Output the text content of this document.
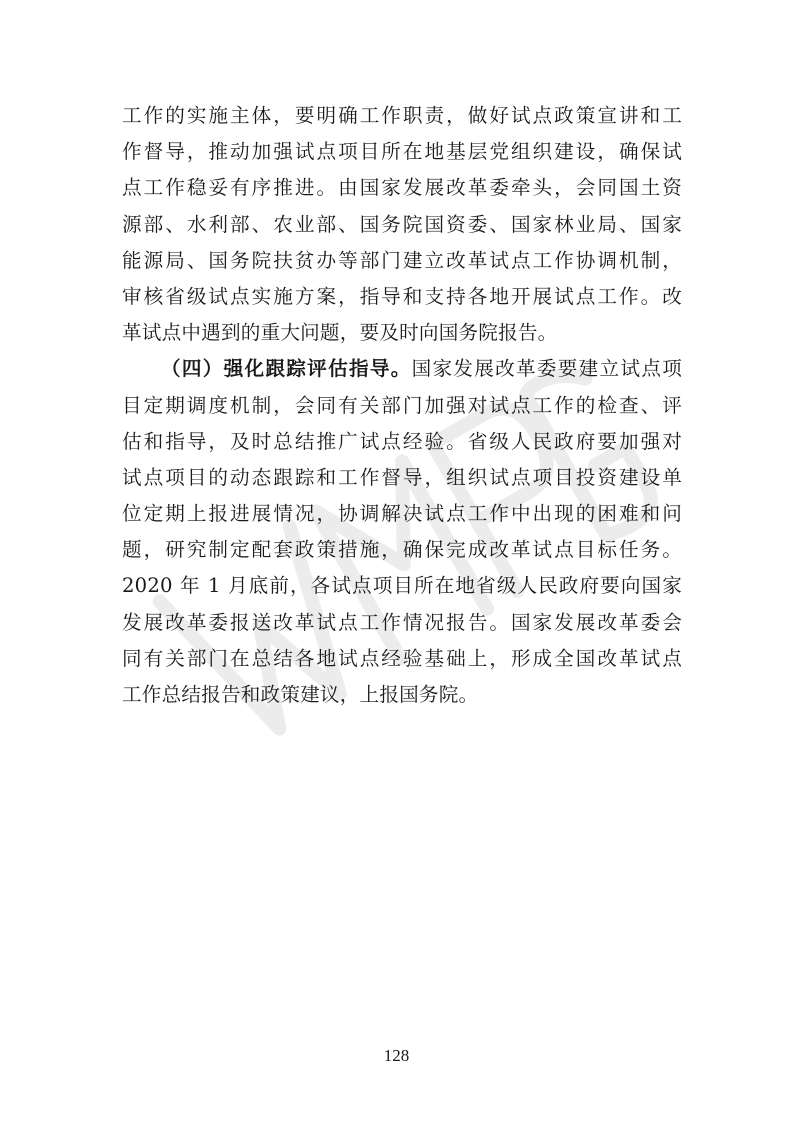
工作的实施主体，要明确工作职责，做好试点政策宣讲和工
作督导，推动加强试点项目所在地基层党组织建设，确保试
点工作稳妥有序推进。由国家发展改革委牵头，会同国土资
源部、水利部、农业部、国务院国资委、国家林业局、国家
能源局、国务院扶贫办等部门建立改革试点工作协调机制，
审核省级试点实施方案，指导和支持各地开展试点工作。改
革试点中遇到的重大问题，要及时向国务院报告。
（四）强化跟踪评估指导。国家发展改革委要建立试点项
目定期调度机制，会同有关部门加强对试点工作的检查、评
估和指导，及时总结推广试点经验。省级人民政府要加强对
试点项目的动态跟踪和工作督导，组织试点项目投资建设单
位定期上报进展情况，协调解决试点工作中出现的困难和问
题，研究制定配套政策措施，确保完成改革试点目标任务。
2020 年 1 月底前，各试点项目所在地省级人民政府要向国家
发展改革委报送改革试点工作情况报告。国家发展改革委会
同有关部门在总结各地试点经验基础上，形成全国改革试点
工作总结报告和政策建议，上报国务院。
128
